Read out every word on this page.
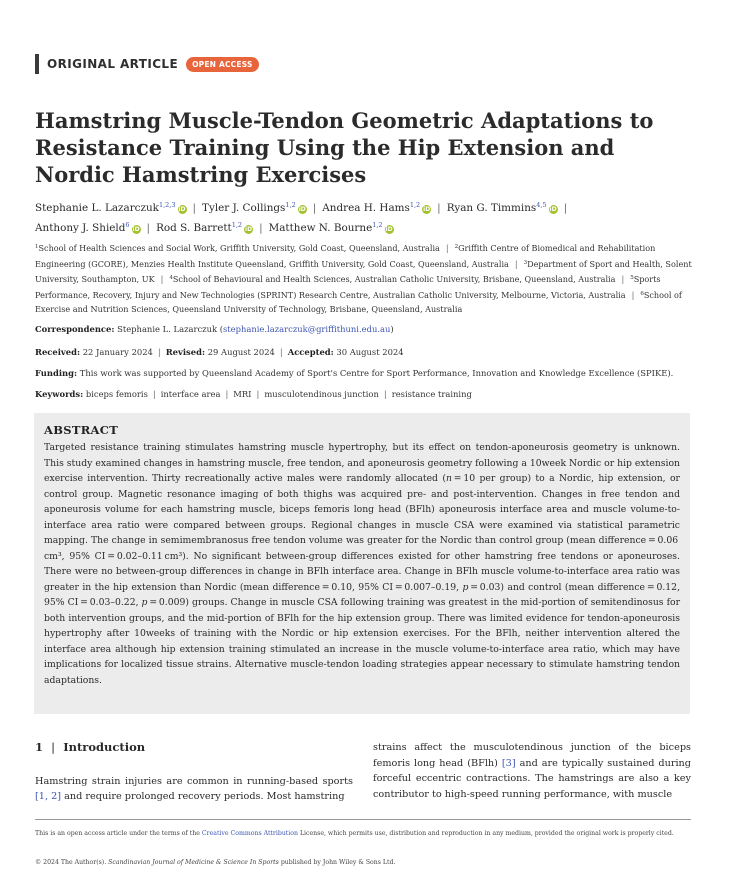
ORIGINAL ARTICLE	OPEN ACCESS
Hamstring Muscle-Tendon Geometric Adaptations to Resistance Training Using the Hip Extension and Nordic Hamstring Exercises
Stephanie L. Lazarczuk$^{1,2,3}$iD | Tyler J. Collings$^{1,2}$iD | Andrea H. Hams$^{1,2}$iD | Ryan G. Timmins$^{4,5}$iD |
Anthony J. Shield$^6$iD | Rod S. Barrett$^{1,2}$iD | Matthew N. Bourne$^{1,2}$iD
$^1$School of Health Sciences and Social Work, Griffith University, Gold Coast, Queensland, Australia | $^2$Griffith Centre of Biomedical and Rehabilitation Engineering (GCORE), Menzies Health Institute Queensland, Griffith University, Gold Coast, Queensland, Australia | $^3$Department of Sport and Health, Solent University, Southampton, UK | $^4$School of Behavioural and Health Sciences, Australian Catholic University, Brisbane, Queensland, Australia | $^5$Sports Performance, Recovery, Injury and New Technologies (SPRINT) Research Centre, Australian Catholic University, Melbourne, Victoria, Australia | $^6$School of Exercise and Nutrition Sciences, Queensland University of Technology, Brisbane, Queensland, Australia
Correspondence: Stephanie L. Lazarczuk (stephanie.lazarczuk@griffithuni.edu.au)
Received: 22 January 2024 | Revised: 29 August 2024 | Accepted: 30 August 2024
Funding: This work was supported by Queensland Academy of Sport's Centre for Sport Performance, Innovation and Knowledge Excellence (SPIKE).
Keywords: biceps femoris | interface area | MRI | musculotendinous junction | resistance training
ABSTRACT
Targeted resistance training stimulates hamstring muscle hypertrophy, but its effect on tendon-aponeurosis geometry is unknown. This study examined changes in hamstring muscle, free tendon, and aponeurosis geometry following a 10week Nordic or hip extension exercise intervention. Thirty recreationally active males were randomly allocated (n = 10 per group) to a Nordic, hip extension, or control group. Magnetic resonance imaging of both thighs was acquired pre- and post-intervention. Changes in free tendon and aponeurosis volume for each hamstring muscle, biceps femoris long head (BFlh) aponeurosis interface area and muscle volume-to-interface area ratio were compared between groups. Regional changes in muscle CSA were examined via statistical parametric mapping. The change in semimembranosus free tendon volume was greater for the Nordic than control group (mean difference = 0.06 cm³, 95% CI = 0.02–0.11 cm³). No significant between-group differences existed for other hamstring free tendons or aponeuroses. There were no between-group differences in change in BFlh interface area. Change in BFlh muscle volume-to-interface area ratio was greater in the hip extension than Nordic (mean difference = 0.10, 95% CI = 0.007–0.19, p = 0.03) and control (mean difference = 0.12, 95% CI = 0.03–0.22, p = 0.009) groups. Change in muscle CSA following training was greatest in the mid-portion of semitendinosus for both intervention groups, and the mid-portion of BFlh for the hip extension group. There was limited evidence for tendon-aponeurosis hypertrophy after 10weeks of training with the Nordic or hip extension exercises. For the BFlh, neither intervention altered the interface area although hip extension training stimulated an increase in the muscle volume-to-interface area ratio, which may have implications for localized tissue strains. Alternative muscle-tendon loading strategies appear necessary to stimulate hamstring tendon adaptations.
1 | Introduction
Hamstring strain injuries are common in running-based sports [1, 2] and require prolonged recovery periods. Most hamstring
strains affect the musculotendinous junction of the biceps femoris long head (BFlh) [3] and are typically sustained during forceful eccentric contractions. The hamstrings are also a key contributor to high-speed running performance, with muscle
This is an open access article under the terms of the Creative Commons Attribution License, which permits use, distribution and reproduction in any medium, provided the original work is properly cited.
© 2024 The Author(s). Scandinavian Journal of Medicine & Science In Sports published by John Wiley & Sons Ltd.
